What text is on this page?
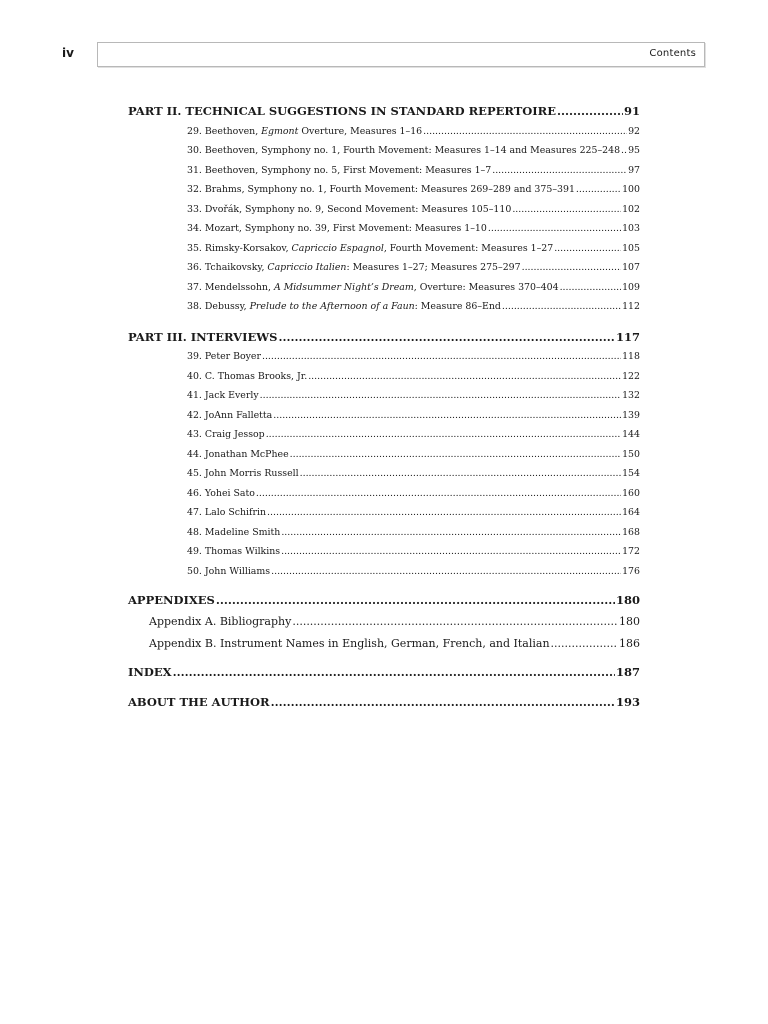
iv	Contents
PART II. TECHNICAL SUGGESTIONS IN STANDARD REPERTOIRE .....	91
29. Beethoven, Egmont Overture, Measures 1–16 .....	92
30. Beethoven, Symphony no. 1, Fourth Movement: Measures 1–14 and Measures 225–248 ..... 95
31. Beethoven, Symphony no. 5, First Movement: Measures 1–7 .....	97
32. Brahms, Symphony no. 1, Fourth Movement: Measures 269–289 and 375–391 .....	100
33. Dvořák, Symphony no. 9, Second Movement: Measures 105–110 .....	102
34. Mozart, Symphony no. 39, First Movement: Measures 1–10 .....	103
35. Rimsky-Korsakov, Capriccio Espagnol, Fourth Movement: Measures 1–27 .....	105
36. Tchaikovsky, Capriccio Italien: Measures 1–27; Measures 275–297 .....	107
37. Mendelssohn, A Midsummer Night’s Dream, Overture: Measures 370–404 .....	109
38. Debussy, Prelude to the Afternoon of a Faun: Measure 86–End .....	112
PART III. INTERVIEWS .....	117
39. Peter Boyer .....	118
40. C. Thomas Brooks, Jr. .....	122
41. Jack Everly .....	132
42. JoAnn Falletta .....	139
43. Craig Jessop .....	144
44. Jonathan McPhee .....	150
45. John Morris Russell .....	154
46. Yohei Sato .....	160
47. Lalo Schifrin .....	164
48. Madeline Smith .....	168
49. Thomas Wilkins .....	172
50. John Williams .....	176
APPENDIXES .....	180
Appendix A. Bibliography .....	180
Appendix B. Instrument Names in English, German, French, and Italian .....	186
INDEX .....	187
ABOUT THE AUTHOR .....	193
